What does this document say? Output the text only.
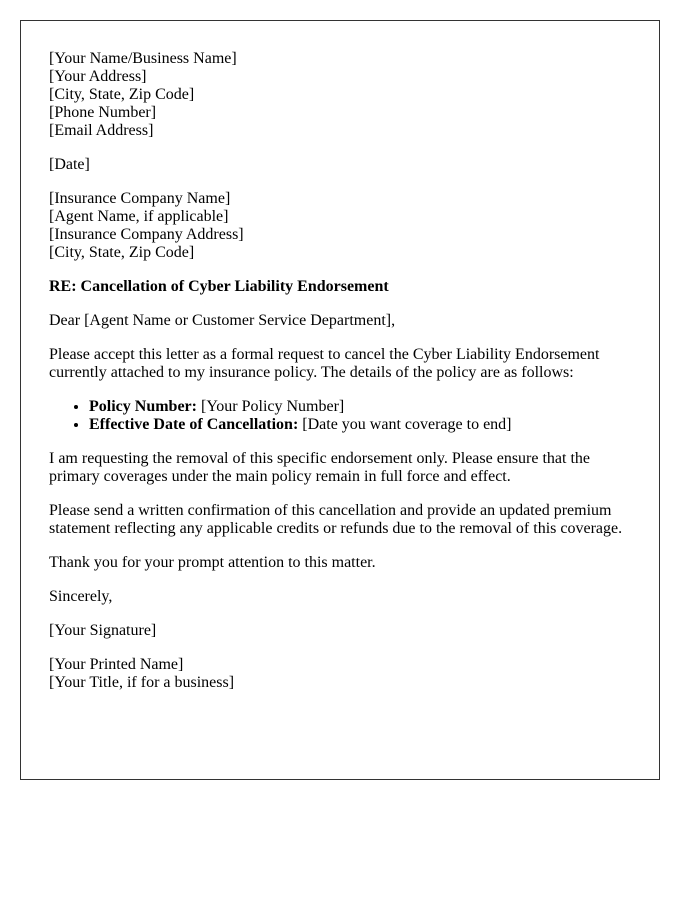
[Your Name/Business Name]
[Your Address]
[City, State, Zip Code]
[Phone Number]
[Email Address]

[Date]

[Insurance Company Name]
[Agent Name, if applicable]
[Insurance Company Address]
[City, State, Zip Code]

RE: Cancellation of Cyber Liability Endorsement

Dear [Agent Name or Customer Service Department],

Please accept this letter as a formal request to cancel the Cyber Liability Endorsement currently attached to my insurance policy. The details of the policy are as follows:

• Policy Number: [Your Policy Number]
• Effective Date of Cancellation: [Date you want coverage to end]

I am requesting the removal of this specific endorsement only. Please ensure that the primary coverages under the main policy remain in full force and effect.

Please send a written confirmation of this cancellation and provide an updated premium statement reflecting any applicable credits or refunds due to the removal of this coverage.

Thank you for your prompt attention to this matter.

Sincerely,

[Your Signature]

[Your Printed Name]
[Your Title, if for a business]
